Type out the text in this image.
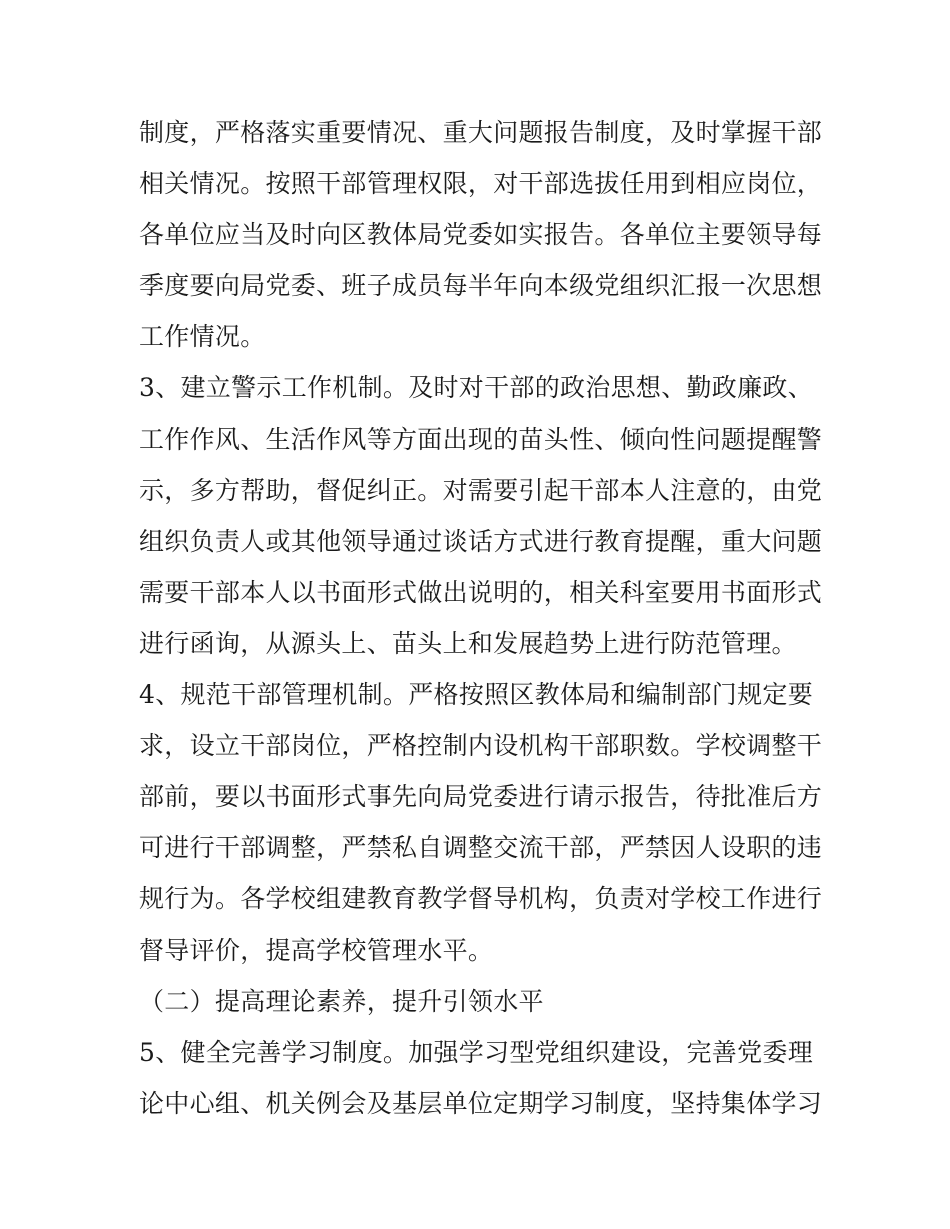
制度，严格落实重要情况、重大问题报告制度，及时掌握干部
相关情况。按照干部管理权限，对干部选拔任用到相应岗位，
各单位应当及时向区教体局党委如实报告。各单位主要领导每
季度要向局党委、班子成员每半年向本级党组织汇报一次思想
工作情况。
3、建立警示工作机制。及时对干部的政治思想、勤政廉政、
工作作风、生活作风等方面出现的苗头性、倾向性问题提醒警
示，多方帮助，督促纠正。对需要引起干部本人注意的，由党
组织负责人或其他领导通过谈话方式进行教育提醒，重大问题
需要干部本人以书面形式做出说明的，相关科室要用书面形式
进行函询，从源头上、苗头上和发展趋势上进行防范管理。
4、规范干部管理机制。严格按照区教体局和编制部门规定要
求，设立干部岗位，严格控制内设机构干部职数。学校调整干
部前，要以书面形式事先向局党委进行请示报告，待批准后方
可进行干部调整，严禁私自调整交流干部，严禁因人设职的违
规行为。各学校组建教育教学督导机构，负责对学校工作进行
督导评价，提高学校管理水平。
（二）提高理论素养，提升引领水平
5、健全完善学习制度。加强学习型党组织建设，完善党委理
论中心组、机关例会及基层单位定期学习制度，坚持集体学习
